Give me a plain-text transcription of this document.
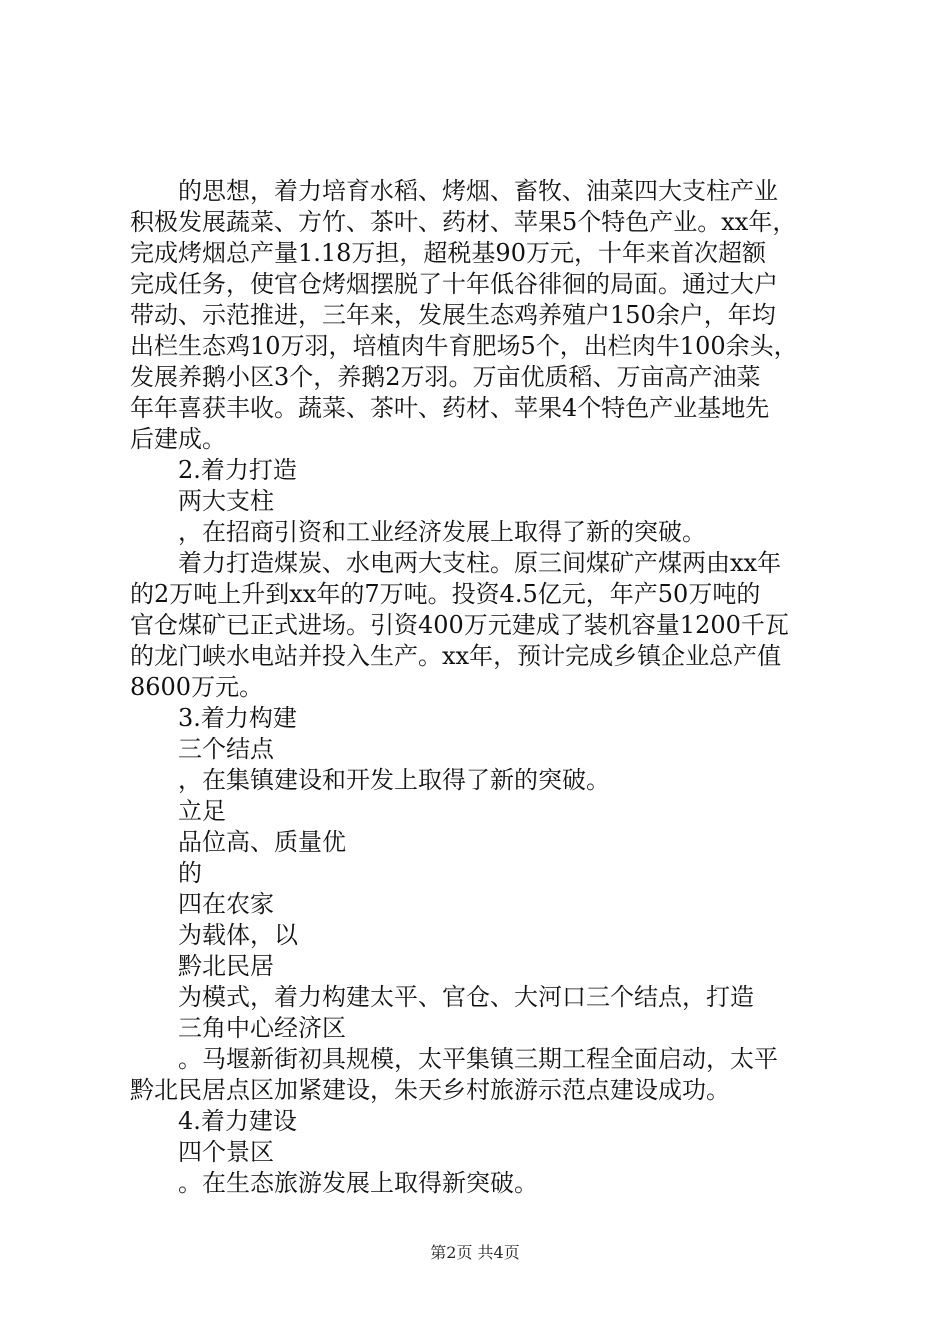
的思想，着力培育水稻、烤烟、畜牧、油菜四大支柱产业
积极发展蔬菜、方竹、茶叶、药材、苹果5个特色产业。xx年，
完成烤烟总产量1.18万担，超税基90万元，十年来首次超额
完成任务，使官仓烤烟摆脱了十年低谷徘徊的局面。通过大户
带动、示范推进，三年来，发展生态鸡养殖户150余户，年均
出栏生态鸡10万羽，培植肉牛育肥场5个，出栏肉牛100余头，
发展养鹅小区3个，养鹅2万羽。万亩优质稻、万亩高产油菜
年年喜获丰收。蔬菜、茶叶、药材、苹果4个特色产业基地先
后建成。
2.着力打造
两大支柱
，在招商引资和工业经济发展上取得了新的突破。
着力打造煤炭、水电两大支柱。原三间煤矿产煤两由xx年
的2万吨上升到xx年的7万吨。投资4.5亿元，年产50万吨的
官仓煤矿已正式进场。引资400万元建成了装机容量1200千瓦
的龙门峡水电站并投入生产。xx年，预计完成乡镇企业总产值
8600万元。
3.着力构建
三个结点
，在集镇建设和开发上取得了新的突破。
立足
品位高、质量优
的
四在农家
为载体，以
黔北民居
为模式，着力构建太平、官仓、大河口三个结点，打造
三角中心经济区
。马堰新街初具规模，太平集镇三期工程全面启动，太平
黔北民居点区加紧建设，朱天乡村旅游示范点建设成功。
4.着力建设
四个景区
。在生态旅游发展上取得新突破。
第2页 共4页
